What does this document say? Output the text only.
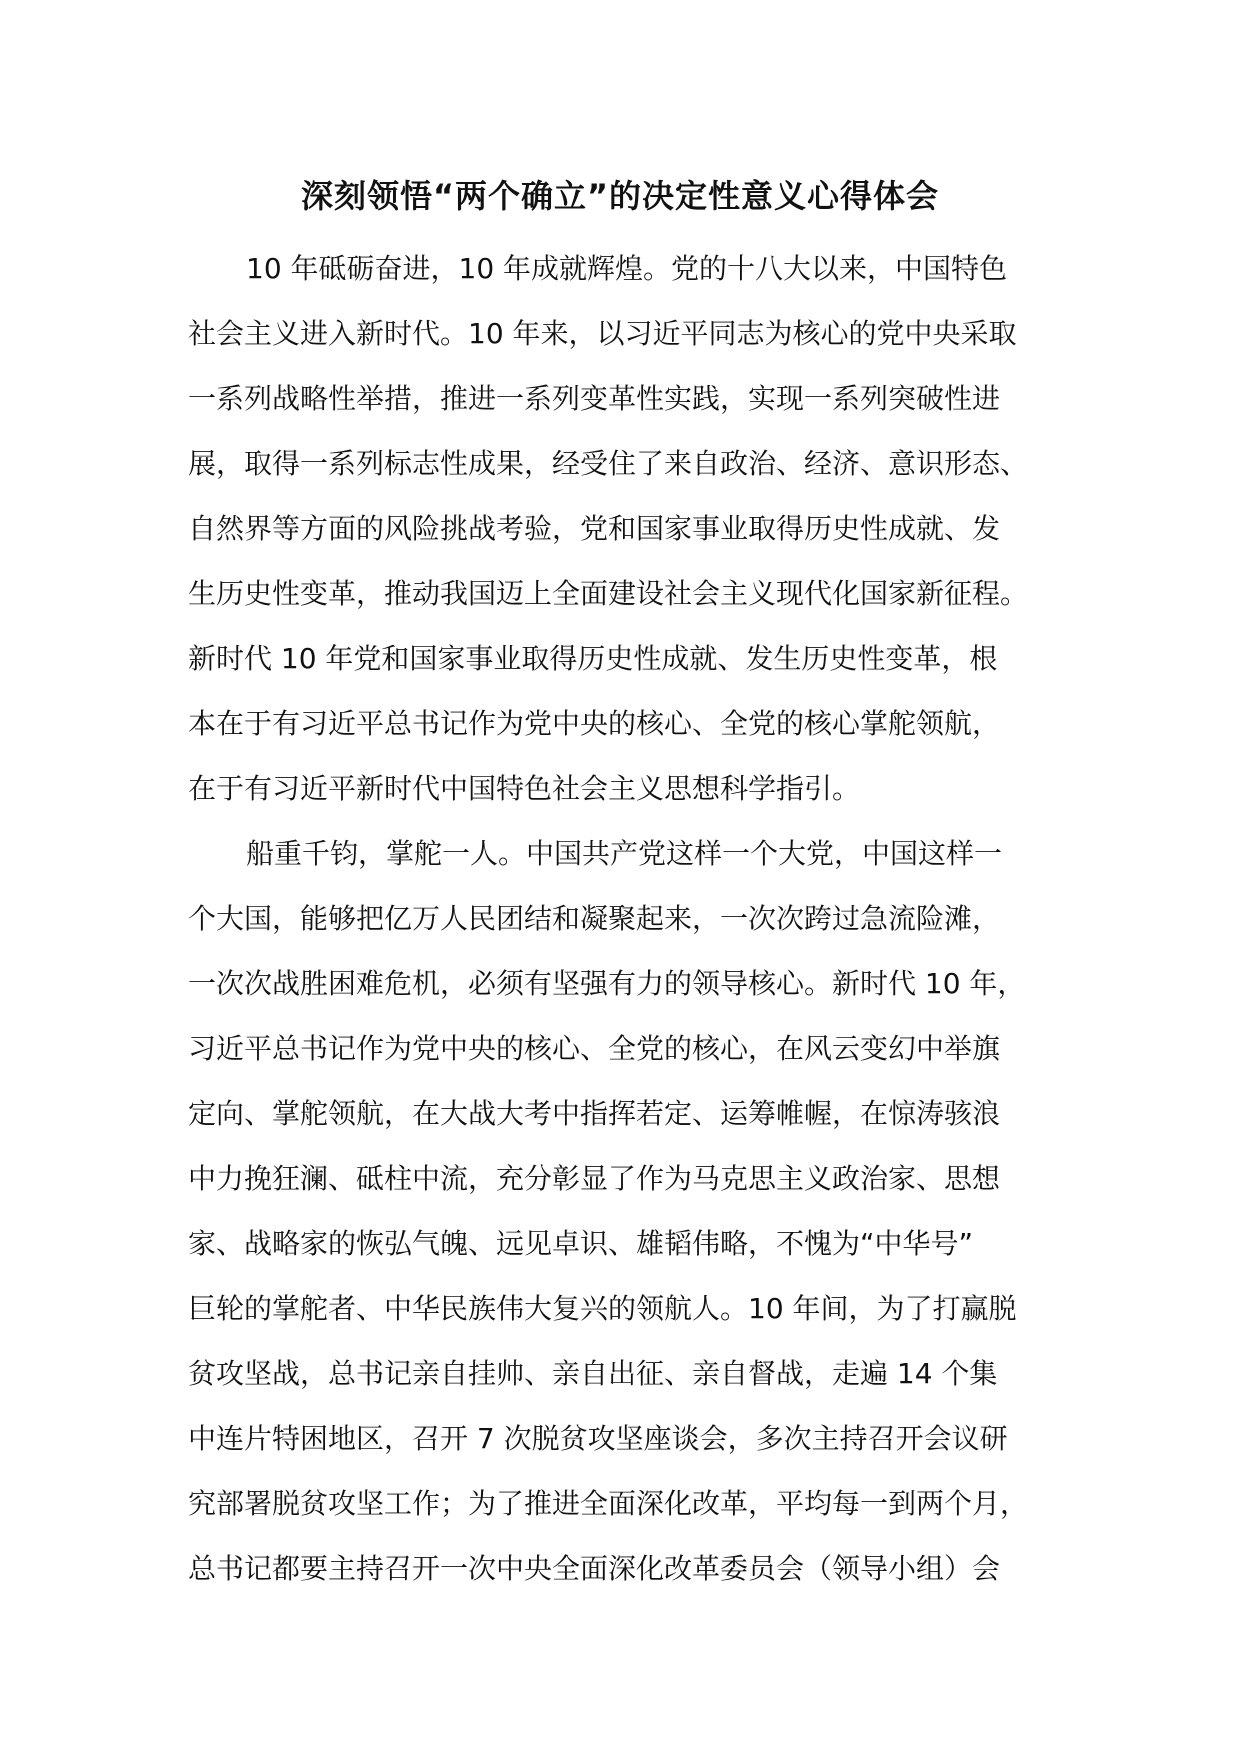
深刻领悟“两个确立”的决定性意义心得体会
10 年砥砺奋进，10 年成就辉煌。党的十八大以来，中国特色
社会主义进入新时代。10 年来，以习近平同志为核心的党中央采取
一系列战略性举措，推进一系列变革性实践，实现一系列突破性进
展，取得一系列标志性成果，经受住了来自政治、经济、意识形态、
自然界等方面的风险挑战考验，党和国家事业取得历史性成就、发
生历史性变革，推动我国迈上全面建设社会主义现代化国家新征程。
新时代 10 年党和国家事业取得历史性成就、发生历史性变革，根
本在于有习近平总书记作为党中央的核心、全党的核心掌舵领航，
在于有习近平新时代中国特色社会主义思想科学指引。
船重千钧，掌舵一人。中国共产党这样一个大党，中国这样一
个大国，能够把亿万人民团结和凝聚起来，一次次跨过急流险滩，
一次次战胜困难危机，必须有坚强有力的领导核心。新时代 10 年，
习近平总书记作为党中央的核心、全党的核心，在风云变幻中举旗
定向、掌舵领航，在大战大考中指挥若定、运筹帷幄，在惊涛骇浪
中力挽狂澜、砥柱中流，充分彰显了作为马克思主义政治家、思想
家、战略家的恢弘气魄、远见卓识、雄韬伟略，不愧为“中华号”
巨轮的掌舵者、中华民族伟大复兴的领航人。10 年间，为了打赢脱
贫攻坚战，总书记亲自挂帅、亲自出征、亲自督战，走遍 14 个集
中连片特困地区，召开 7 次脱贫攻坚座谈会，多次主持召开会议研
究部署脱贫攻坚工作；为了推进全面深化改革，平均每一到两个月，
总书记都要主持召开一次中央全面深化改革委员会（领导小组）会
